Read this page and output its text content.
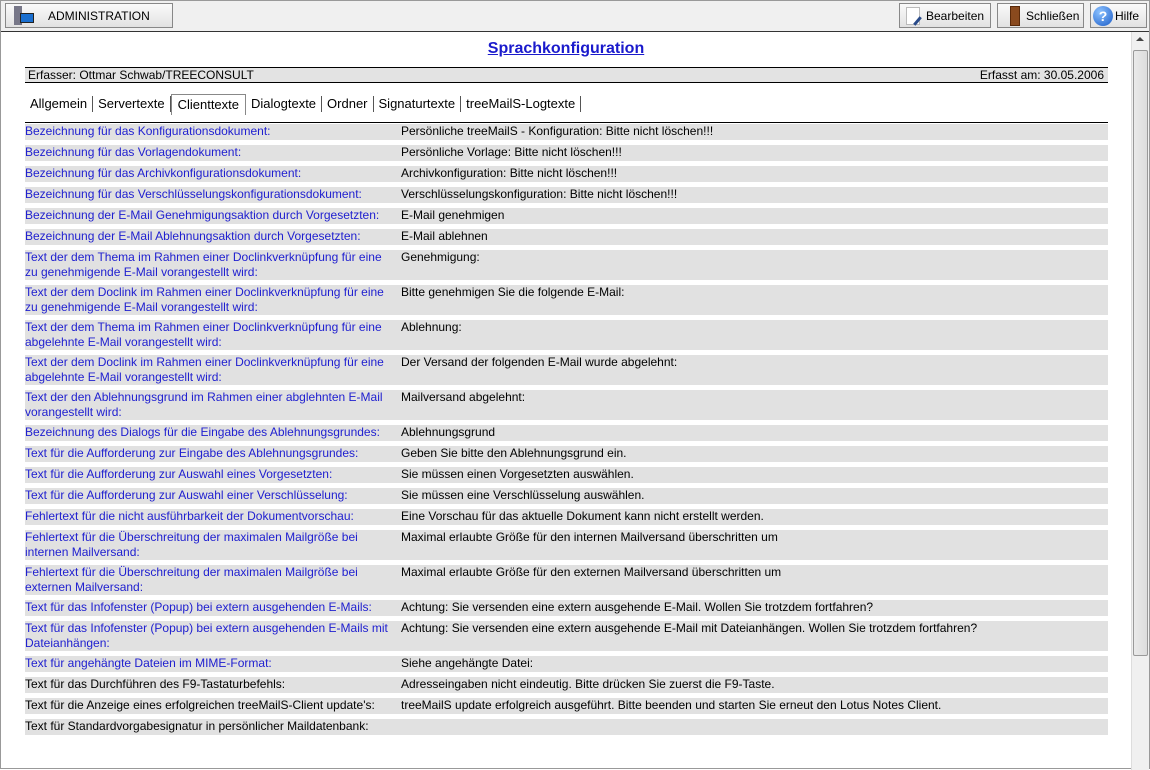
ADMINISTRATION	Bearbeiten	Schließen	? Hilfe
Sprachkonfiguration
Erfasser: Ottmar Schwab/TREECONSULT	Erfasst am: 30.05.2006
Allgemein Servertexte	Clienttexte Dialogtexte Ordner Signaturtexte treeMailS-Logtexte
Bezeichnung für das Konfigurationsdokument:	Persönliche treeMailS - Konfiguration: Bitte nicht löschen!!!
Bezeichnung für das Vorlagendokument:	Persönliche Vorlage: Bitte nicht löschen!!!
Bezeichnung für das Archivkonfigurationsdokument:	Archivkonfiguration: Bitte nicht löschen!!!
Bezeichnung für das Verschlüsselungskonfigurationsdokument:	Verschlüsselungskonfiguration: Bitte nicht löschen!!!
Bezeichnung der E-Mail Genehmigungsaktion durch Vorgesetzten:	E-Mail genehmigen
Bezeichnung der E-Mail Ablehnungsaktion durch Vorgesetzten:	E-Mail ablehnen
Text der dem Thema im Rahmen einer Doclinkverknüpfung für eine zu genehmigende E-Mail vorangestellt wird:
Genehmigung:
Text der dem Doclink im Rahmen einer Doclinkverknüpfung für eine zu genehmigende E-Mail vorangestellt wird:
Bitte genehmigen Sie die folgende E-Mail:
Text der dem Thema im Rahmen einer Doclinkverknüpfung für eine abgelehnte E-Mail vorangestellt wird:
Ablehnung:
Text der dem Doclink im Rahmen einer Doclinkverknüpfung für eine abgelehnte E-Mail vorangestellt wird:
Der Versand der folgenden E-Mail wurde abgelehnt:
Text der den Ablehnungsgrund im Rahmen einer abglehnten E-Mail vorangestellt wird:
Mailversand abgelehnt:
Bezeichnung des Dialogs für die Eingabe des Ablehnungsgrundes:	Ablehnungsgrund
Text für die Aufforderung zur Eingabe des Ablehnungsgrundes:	Geben Sie bitte den Ablehnungsgrund ein.
Text für die Aufforderung zur Auswahl eines Vorgesetzten:	Sie müssen einen Vorgesetzten auswählen.
Text für die Aufforderung zur Auswahl einer Verschlüsselung:	Sie müssen eine Verschlüsselung auswählen.
Fehlertext für die nicht ausführbarkeit der Dokumentvorschau:	Eine Vorschau für das aktuelle Dokument kann nicht erstellt werden.
Fehlertext für die Überschreitung der maximalen Mailgröße bei internen Mailversand:
Maximal erlaubte Größe für den internen Mailversand überschritten um
Fehlertext für die Überschreitung der maximalen Mailgröße bei externen Mailversand:
Maximal erlaubte Größe für den externen Mailversand überschritten um
Text für das Infofenster (Popup) bei extern ausgehenden E-Mails:	Achtung: Sie versenden eine extern ausgehende E-Mail. Wollen Sie trotzdem fortfahren?
Text für das Infofenster (Popup) bei extern ausgehenden E-Mails mit Dateianhängen:
Achtung: Sie versenden eine extern ausgehende E-Mail mit Dateianhängen. Wollen Sie trotzdem fortfahren?
Text für angehängte Dateien im MIME-Format:	Siehe angehängte Datei:
Text für das Durchführen des F9-Tastaturbefehls:	Adresseingaben nicht eindeutig. Bitte drücken Sie zuerst die F9-Taste.
Text für die Anzeige eines erfolgreichen treeMailS-Client update's:	treeMailS update erfolgreich ausgeführt. Bitte beenden und starten Sie erneut den Lotus Notes Client.
Text für Standardvorgabesignatur in persönlicher Maildatenbank:
